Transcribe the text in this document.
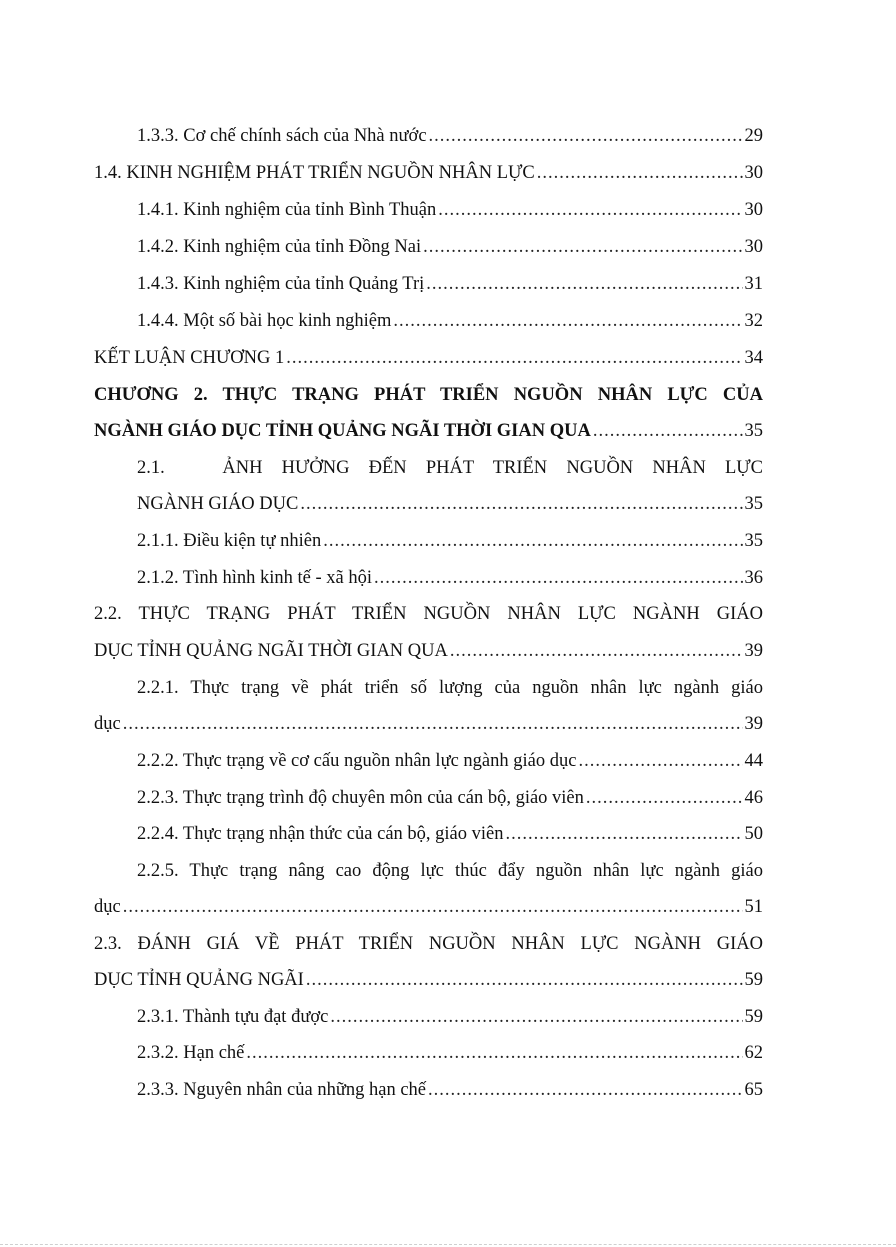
1.3.3. Cơ chế chính sách của Nhà nước .....	29
1.4. KINH NGHIỆM PHÁT TRIỂN NGUỒN NHÂN LỰC .....	30
1.4.1. Kinh nghiệm của tỉnh Bình Thuận .....	30
1.4.2. Kinh nghiệm của tỉnh Đồng Nai .....	30
1.4.3. Kinh nghiệm của tỉnh Quảng Trị .....	31
1.4.4. Một số bài học kinh nghiệm .....	32
KẾT LUẬN CHƯƠNG 1 .....	34
CHƯƠNG 2. THỰC TRẠNG PHÁT TRIỂN NGUỒN NHÂN LỰC CỦA
NGÀNH GIÁO DỤC TỈNH QUẢNG NGÃI THỜI GIAN QUA .....	35
2.1.   ẢNH HƯỞNG ĐẾN PHÁT TRIỂN NGUỒN NHÂN LỰC
NGÀNH GIÁO DỤC .....	35
2.1.1. Điều kiện tự nhiên .....	35
2.1.2. Tình hình kinh tế - xã hội .....	36
2.2. THỰC TRẠNG PHÁT TRIỂN NGUỒN NHÂN LỰC NGÀNH GIÁO
DỤC TỈNH QUẢNG NGÃI THỜI GIAN QUA .....	39
2.2.1. Thực trạng về phát triển số lượng của nguồn nhân lực ngành giáo
dục .....	39
2.2.2. Thực trạng về cơ cấu nguồn nhân lực ngành giáo dục .....	44
2.2.3. Thực trạng trình độ chuyên môn của cán bộ, giáo viên .....	46
2.2.4. Thực trạng nhận thức của cán bộ, giáo viên .....	50
2.2.5. Thực trạng nâng cao động lực thúc đẩy nguồn nhân lực ngành giáo
dục .....	51
2.3. ĐÁNH GIÁ VỀ PHÁT TRIỂN NGUỒN NHÂN LỰC NGÀNH GIÁO
DỤC TỈNH QUẢNG NGÃI .....	59
2.3.1. Thành tựu đạt được .....	59
2.3.2. Hạn chế .....	62
2.3.3. Nguyên nhân của những hạn chế .....	65
